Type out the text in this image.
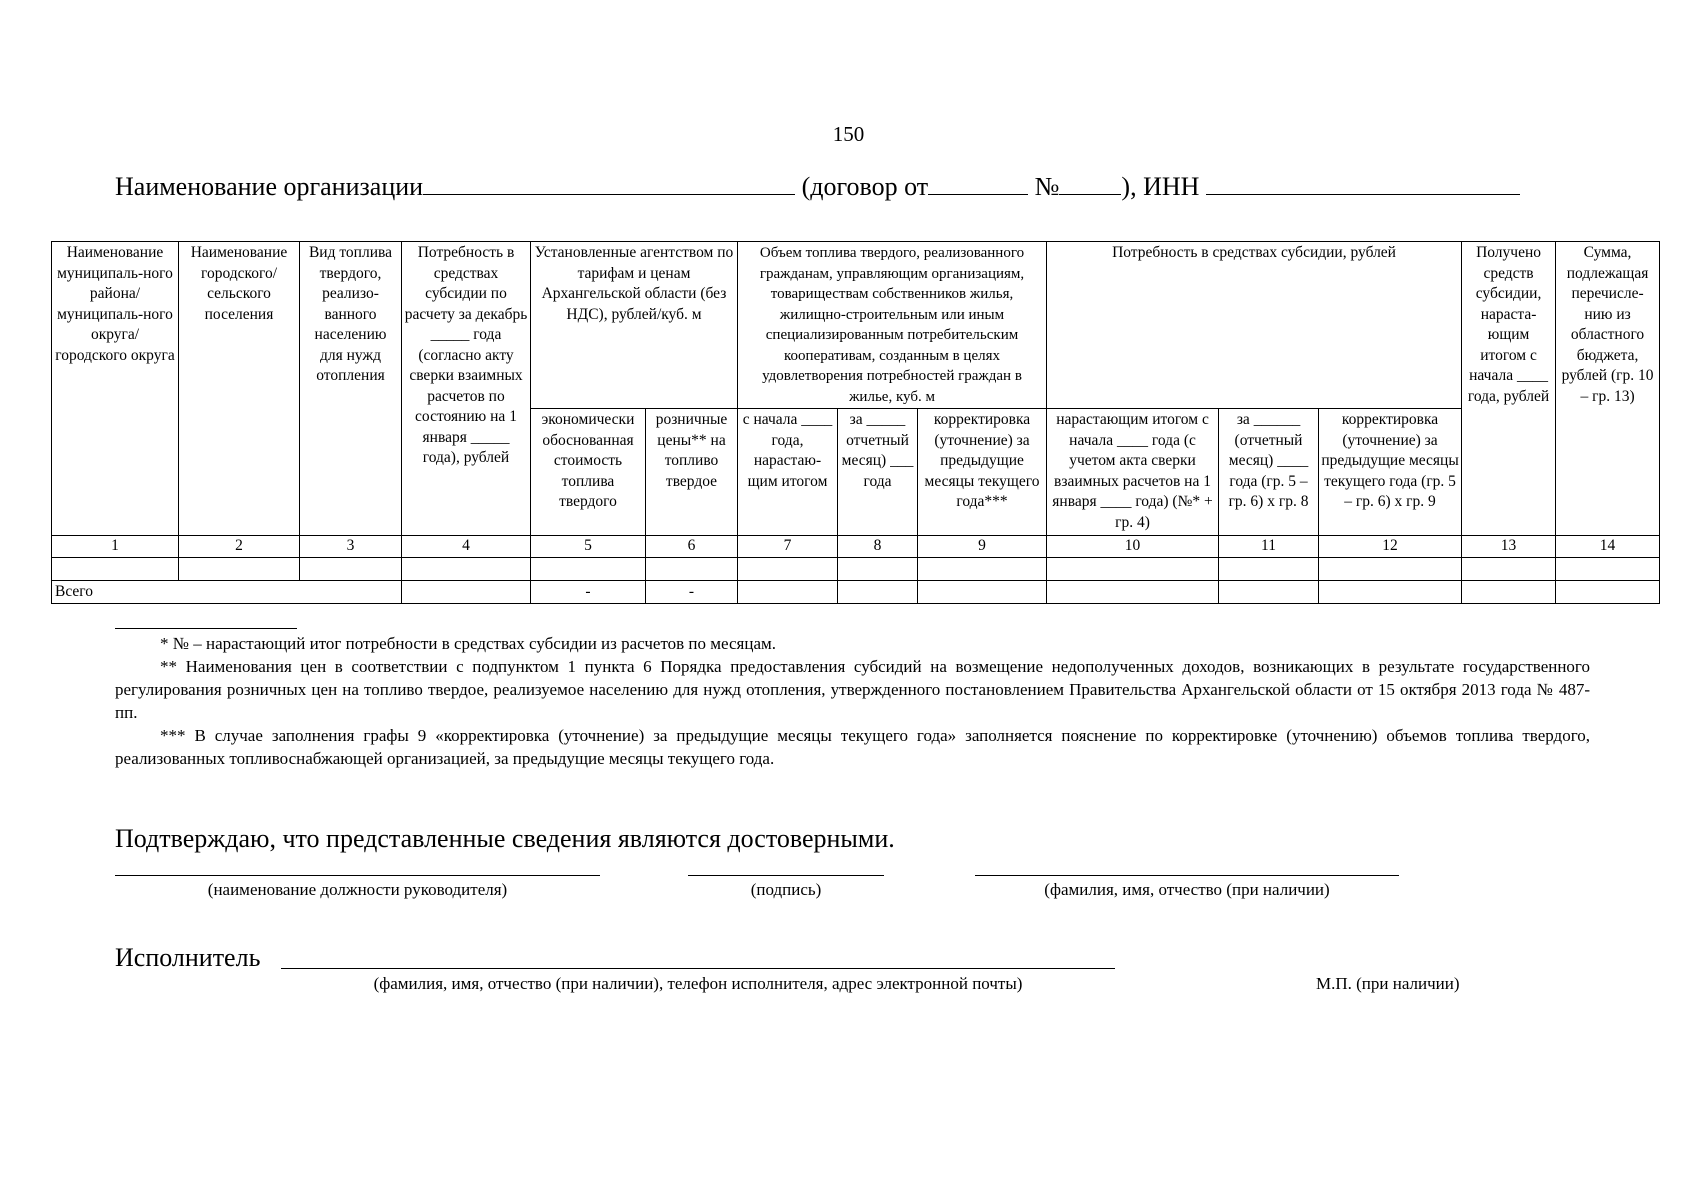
150
Наименование организации	(договор от	№ ), ИНН
Наименование муниципаль-ного района/ муниципаль-ного округа/ городского округа	Наименование городского/ сельского поселения	Вид топлива твердого, реализо-ванного населению для нужд отопления	Потребность в средствах субсидии по расчету за декабрь _____ года (согласно акту сверки взаимных расчетов по состоянию на 1 января _____ года), рублей	Установленные агентством по тарифам и ценам Архангельской области (без НДС), рублей/куб. м		Объем топлива твердого, реализованного гражданам, управляющим организациям, товариществам собственников жилья, жилищно-строительным или иным специализированным потребительским кооперативам, созданным в целях удовлетворения потребностей граждан в жилье, куб. м			Потребность в средствах субсидии, рублей			Получено средств субсидии, нараста-ющим итогом с начала ____ года, рублей	Сумма, подлежащая перечисле-нию из областного бюджета, рублей (гр. 10 – гр. 13)
				экономически обоснованная стоимость топлива твердого	розничные цены** на топливо твердое	с начала ____ года, нарастаю-щим итогом	за _____ отчетный месяц) ___ года	корректировка (уточнение) за предыдущие месяцы текущего года***	нарастающим итогом с начала ____ года (с учетом акта сверки взаимных расчетов на 1 января ____ года) (№* + гр. 4)	за ______ (отчетный месяц) ____ года (гр. 5 – гр. 6) х гр. 8	корректировка (уточнение) за предыдущие месяцы текущего года (гр. 5 – гр. 6) х гр. 9		
1	2	3	4	5	6	7	8	9	10	11	12	13	14

Всего				-	-								

* № – нарастающий итог потребности в средствах субсидии из расчетов по месяцам.

** Наименования цен в соответствии с подпунктом 1 пункта 6 Порядка предоставления субсидий на возмещение недополученных доходов, возникающих в результате государственного регулирования розничных цен на топливо твердое, реализуемое населению для нужд отопления, утвержденного постановлением Правительства Архангельской области от 15 октября 2013 года № 487-пп.

*** В случае заполнения графы 9 «корректировка (уточнение) за предыдущие месяцы текущего года» заполняется пояснение по корректировке (уточнению) объемов топлива твердого, реализованных топливоснабжающей организацией, за предыдущие месяцы текущего года.

Подтверждаю, что представленные сведения являются достоверными.
(наименование должности руководителя)	(подпись)	(фамилия, имя, отчество (при наличии)
Исполнитель
(фамилия, имя, отчество (при наличии), телефон исполнителя, адрес электронной почты)	М.П. (при наличии)
